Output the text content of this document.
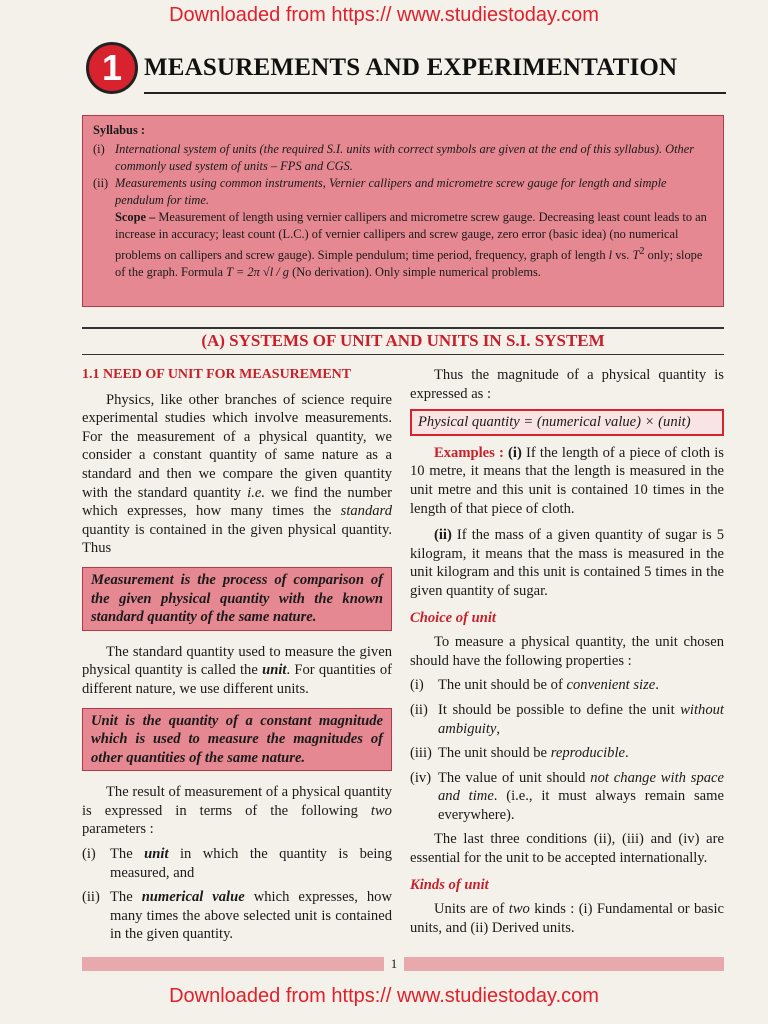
Downloaded from https:// www.studiestoday.com
1 MEASUREMENTS AND EXPERIMENTATION
Syllabus :
(i) International system of units (the required S.I. units with correct symbols are given at the end of this syllabus). Other commonly used system of units – FPS and CGS.
(ii) Measurements using common instruments, Vernier callipers and micrometre screw gauge for length and simple pendulum for time.
Scope – Measurement of length using vernier callipers and micrometre screw gauge. Decreasing least count leads to an increase in accuracy; least count (L.C.) of vernier callipers and screw gauge, zero error (basic idea) (no numerical problems on callipers and screw gauge). Simple pendulum; time period, frequency, graph of length l vs. $T^2$ only; slope of the graph. Formula T = 2π √l / g (No derivation). Only simple numerical problems.
(A) SYSTEMS OF UNIT AND UNITS IN S.I. SYSTEM
1.1 NEED OF UNIT FOR MEASUREMENT

Physics, like other branches of science require experimental studies which involve measurements. For the measurement of a physical quantity, we consider a constant quantity of same nature as a standard and then we compare the given quantity with the standard quantity i.e. we find the number which expresses, how many times the standard quantity is contained in the given physical quantity. Thus

Measurement is the process of comparison of the given physical quantity with the known standard quantity of the same nature.

The standard quantity used to measure the given physical quantity is called the unit. For quantities of different nature, we use different units.

Unit is the quantity of a constant magnitude which is used to measure the magnitudes of other quantities of the same nature.

The result of measurement of a physical quantity is expressed in terms of the following two parameters :

(i) The unit in which the quantity is being measured, and
(ii) The numerical value which expresses, how many times the above selected unit is contained in the given quantity.

Thus the magnitude of a physical quantity is expressed as :

Physical quantity = (numerical value) × (unit)

Examples : (i) If the length of a piece of cloth is 10 metre, it means that the length is measured in the unit metre and this unit is contained 10 times in the length of that piece of cloth.

(ii) If the mass of a given quantity of sugar is 5 kilogram, it means that the mass is measured in the unit kilogram and this unit is contained 5 times in the given quantity of sugar.

Choice of unit

To measure a physical quantity, the unit chosen should have the following properties :

(i) The unit should be of convenient size.
(ii) It should be possible to define the unit without ambiguity,
(iii) The unit should be reproducible.
(iv) The value of unit should not change with space and time. (i.e., it must always remain same everywhere).

The last three conditions (ii), (iii) and (iv) are essential for the unit to be accepted internationally.

Kinds of unit

Units are of two kinds : (i) Fundamental or basic units, and (ii) Derived units.

1
Downloaded from https:// www.studiestoday.com
